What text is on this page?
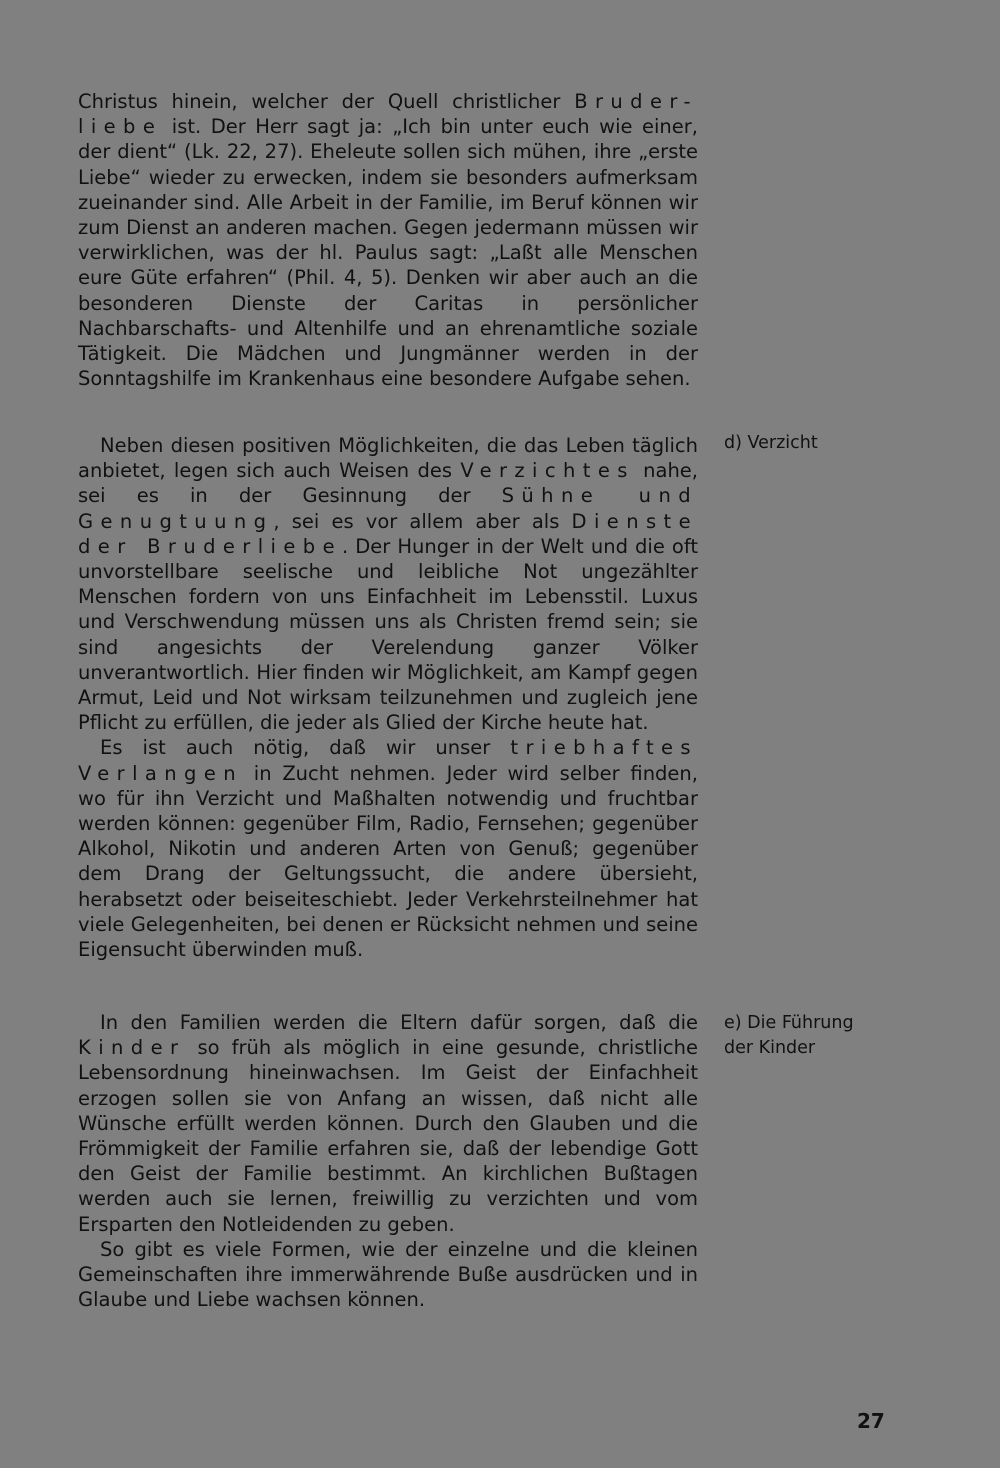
Christus hinein, welcher der Quell christlicher Bruder-liebe ist. Der Herr sagt ja: „Ich bin unter euch wie einer, der dient“ (Lk. 22, 27). Eheleute sollen sich mühen, ihre „erste Liebe“ wieder zu erwecken, indem sie besonders aufmerksam zueinander sind. Alle Arbeit in der Familie, im Beruf können wir zum Dienst an anderen machen. Gegen jedermann müssen wir verwirklichen, was der hl. Paulus sagt: „Laßt alle Menschen eure Güte erfahren“ (Phil. 4, 5). Denken wir aber auch an die besonderen Dienste der Caritas in persönlicher Nachbarschafts- und Altenhilfe und an ehrenamtliche soziale Tätigkeit. Die Mädchen und Jungmänner werden in der Sonntagshilfe im Krankenhaus eine besondere Aufgabe sehen.

d) Verzicht

Neben diesen positiven Möglichkeiten, die das Leben täglich anbietet, legen sich auch Weisen des Verzichtes nahe, sei es in der Gesinnung der Sühne und Genugtuung, sei es vor allem aber als Dienste der Bruderliebe. Der Hunger in der Welt und die oft unvorstellbare seelische und leibliche Not ungezählter Menschen fordern von uns Einfachheit im Lebensstil. Luxus und Verschwendung müssen uns als Christen fremd sein; sie sind angesichts der Verelendung ganzer Völker unverantwortlich. Hier finden wir Möglichkeit, am Kampf gegen Armut, Leid und Not wirksam teilzunehmen und zugleich jene Pflicht zu erfüllen, die jeder als Glied der Kirche heute hat.

Es ist auch nötig, daß wir unser triebhaftes Verlangen in Zucht nehmen. Jeder wird selber finden, wo für ihn Verzicht und Maßhalten notwendig und fruchtbar werden können: gegenüber Film, Radio, Fernsehen; gegenüber Alkohol, Nikotin und anderen Arten von Genuß; gegenüber dem Drang der Geltungssucht, die andere übersieht, herabsetzt oder beiseiteschiebt. Jeder Verkehrsteilnehmer hat viele Gelegenheiten, bei denen er Rücksicht nehmen und seine Eigensucht überwinden muß.

e) Die Führung
der Kinder

In den Familien werden die Eltern dafür sorgen, daß die Kinder so früh als möglich in eine gesunde, christliche Lebensordnung hineinwachsen. Im Geist der Einfachheit erzogen sollen sie von Anfang an wissen, daß nicht alle Wünsche erfüllt werden können. Durch den Glauben und die Frömmigkeit der Familie erfahren sie, daß der lebendige Gott den Geist der Familie bestimmt. An kirchlichen Bußtagen werden auch sie lernen, freiwillig zu verzichten und vom Ersparten den Notleidenden zu geben.

So gibt es viele Formen, wie der einzelne und die kleinen Gemeinschaften ihre immerwährende Buße ausdrücken und in Glaube und Liebe wachsen können.

27
